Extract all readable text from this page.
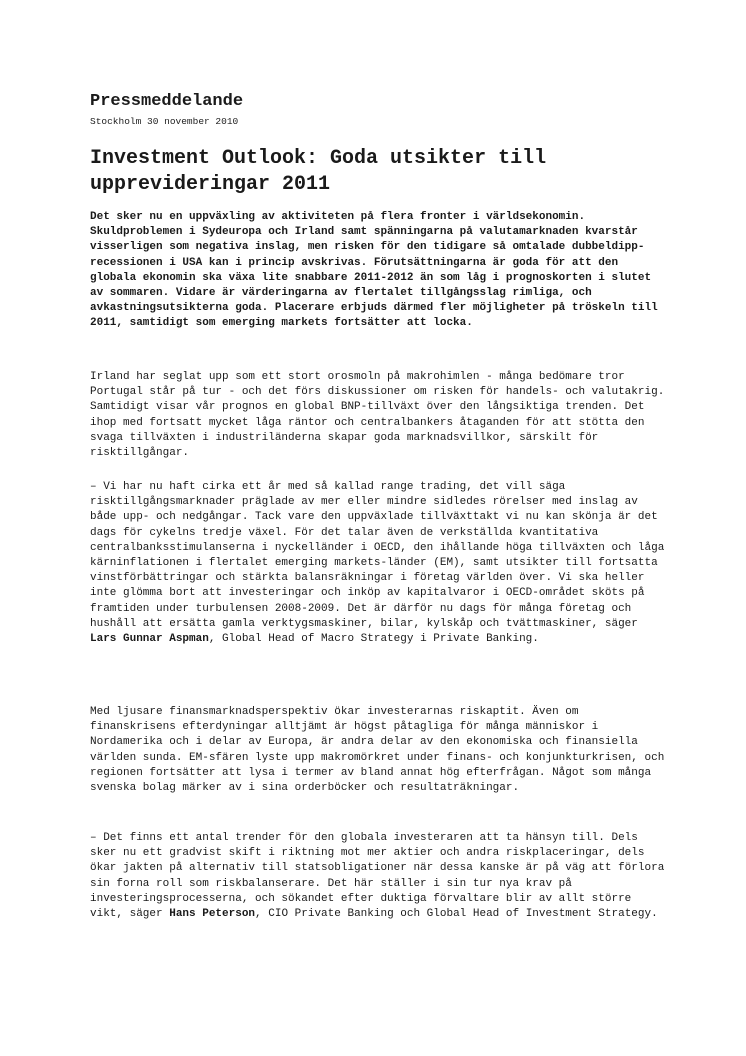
Pressmeddelande

Stockholm 30 november 2010

Investment Outlook: Goda utsikter till upprevideringar 2011

Det sker nu en uppväxling av aktiviteten på flera fronter i världsekonomin. Skuldproblemen i Sydeuropa och Irland samt spänningarna på valutamarknaden kvarstår visserligen som negativa inslag, men risken för den tidigare så omtalade dubbeldipp-recessionen i USA kan i princip avskrivas. Förutsättningarna är goda för att den globala ekonomin ska växa lite snabbare 2011-2012 än som låg i prognoskorten i slutet av sommaren. Vidare är värderingarna av flertalet tillgångsslag rimliga, och avkastningsutsikterna goda. Placerare erbjuds därmed fler möjligheter på tröskeln till 2011, samtidigt som emerging markets fortsätter att locka.

Irland har seglat upp som ett stort orosmoln på makrohimlen - många bedömare tror Portugal står på tur - och det förs diskussioner om risken för handels- och valutakrig. Samtidigt visar vår prognos en global BNP-tillväxt över den långsiktiga trenden. Det ihop med fortsatt mycket låga räntor och centralbankers åtaganden för att stötta den svaga tillväxten i industriländerna skapar goda marknadsvillkor, särskilt för risktillgångar.

– Vi har nu haft cirka ett år med så kallad range trading, det vill säga risktillgångsmarknader präglade av mer eller mindre sidledes rörelser med inslag av både upp- och nedgångar. Tack vare den uppväxlade tillväxttakt vi nu kan skönja är det dags för cykelns tredje växel. För det talar även de verkställda kvantitativa centralbanksstimulanserna i nyckelländer i OECD, den ihållande höga tillväxten och låga kärninflationen i flertalet emerging markets-länder (EM), samt utsikter till fortsatta vinstförbättringar och stärkta balansräkningar i företag världen över. Vi ska heller inte glömma bort att investeringar och inköp av kapitalvaror i OECD-området sköts på framtiden under turbulensen 2008-2009. Det är därför nu dags för många företag och hushåll att ersätta gamla verktygsmaskiner, bilar, kylskåp och tvättmaskiner, säger Lars Gunnar Aspman, Global Head of Macro Strategy i Private Banking.

Med ljusare finansmarknadsperspektiv ökar investerarnas riskaptit. Även om finanskrisens efterdyningar alltjämt är högst påtagliga för många människor i Nordamerika och i delar av Europa, är andra delar av den ekonomiska och finansiella världen sunda. EM-sfären lyste upp makromörkret under finans- och konjunkturkrisen, och regionen fortsätter att lysa i termer av bland annat hög efterfrågan. Något som många svenska bolag märker av i sina orderböcker och resultaträkningar.

– Det finns ett antal trender för den globala investeraren att ta hänsyn till. Dels sker nu ett gradvist skift i riktning mot mer aktier och andra riskplaceringar, dels ökar jakten på alternativ till statsobligationer när dessa kanske är på väg att förlora sin forna roll som riskbalanserare. Det här ställer i sin tur nya krav på investeringsprocesserna, och sökandet efter duktiga förvaltare blir av allt större vikt, säger Hans Peterson, CIO Private Banking och Global Head of Investment Strategy.
